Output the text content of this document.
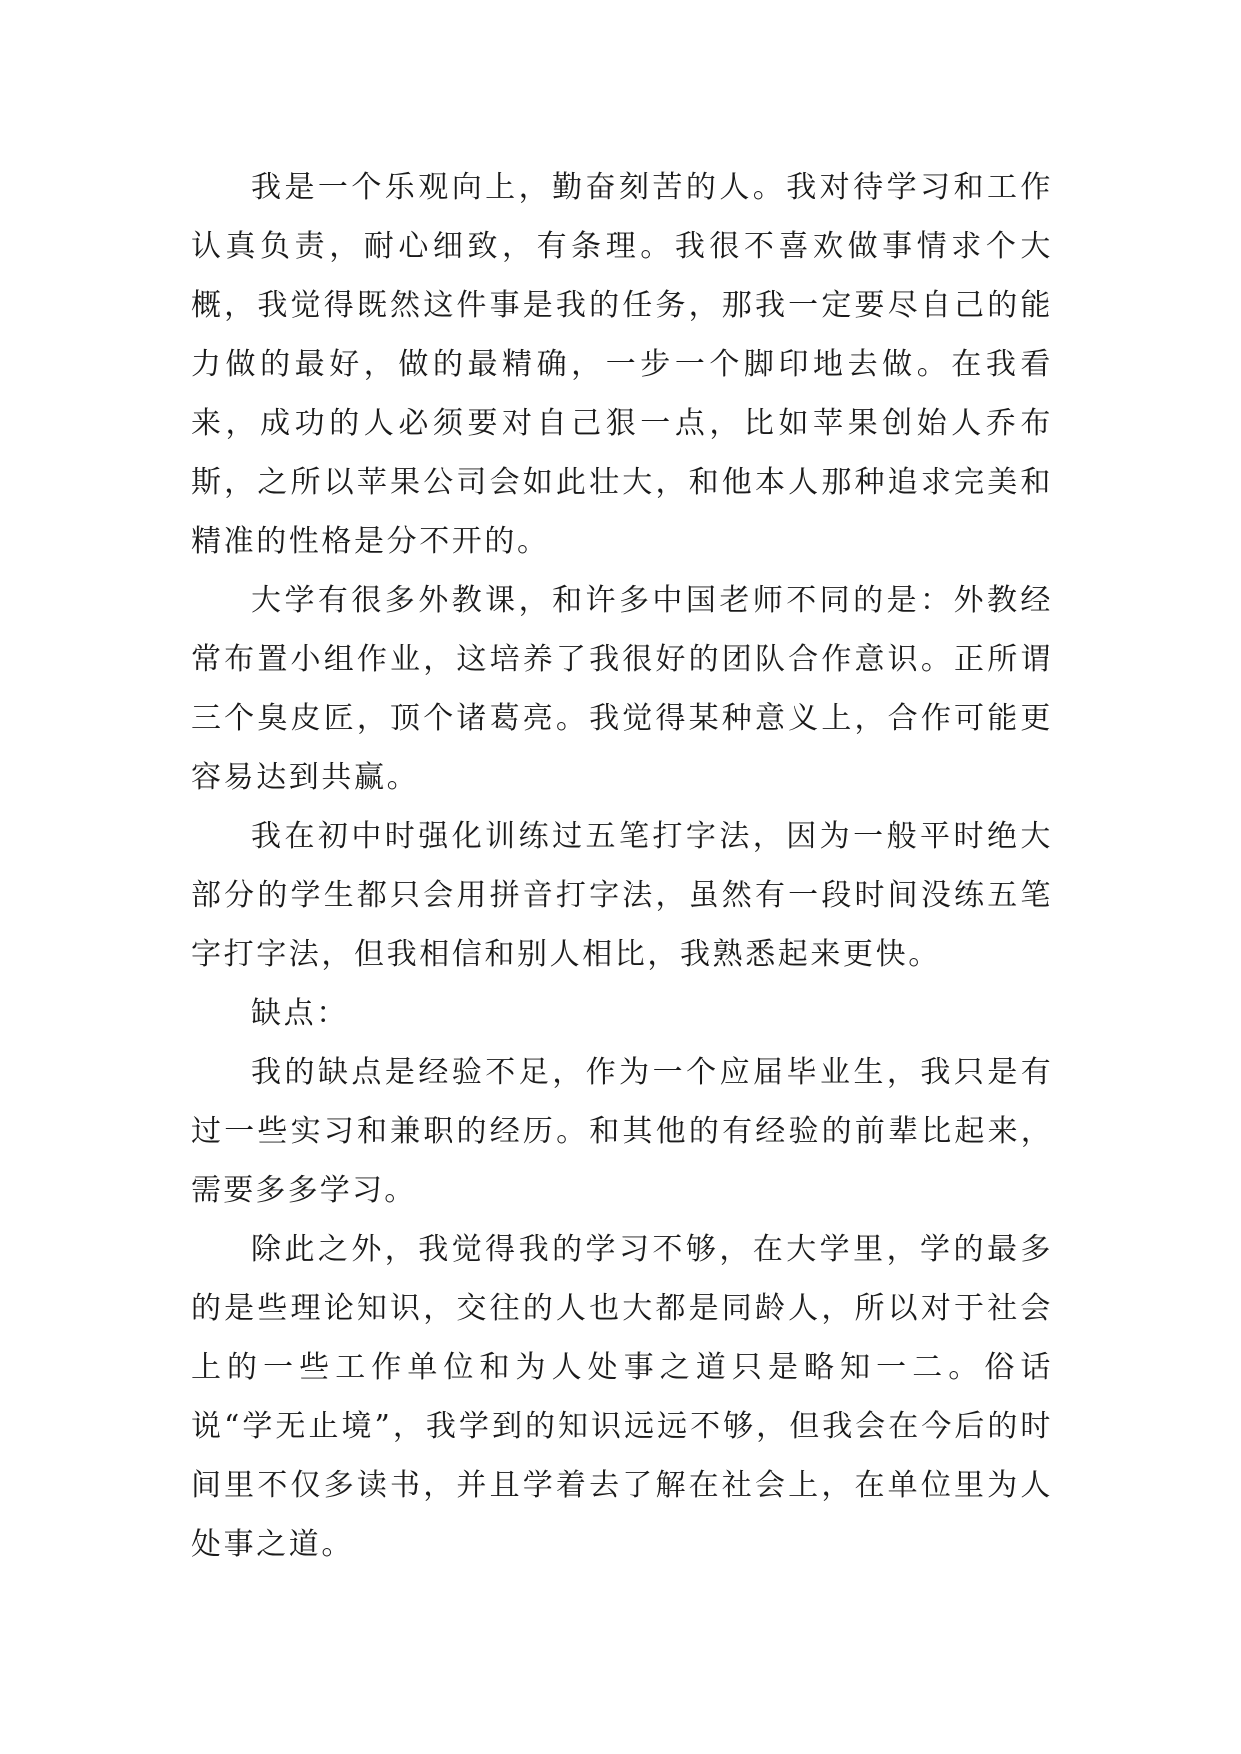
我是一个乐观向上，勤奋刻苦的人。我对待学习和工作认真负责，耐心细致，有条理。我很不喜欢做事情求个大概，我觉得既然这件事是我的任务，那我一定要尽自己的能力做的最好，做的最精确，一步一个脚印地去做。在我看来，成功的人必须要对自己狠一点，比如苹果创始人乔布斯，之所以苹果公司会如此壮大，和他本人那种追求完美和精准的性格是分不开的。

大学有很多外教课，和许多中国老师不同的是：外教经常布置小组作业，这培养了我很好的团队合作意识。正所谓三个臭皮匠，顶个诸葛亮。我觉得某种意义上，合作可能更容易达到共赢。

我在初中时强化训练过五笔打字法，因为一般平时绝大部分的学生都只会用拼音打字法，虽然有一段时间没练五笔字打字法，但我相信和别人相比，我熟悉起来更快。

缺点：

我的缺点是经验不足，作为一个应届毕业生，我只是有过一些实习和兼职的经历。和其他的有经验的前辈比起来，需要多多学习。

除此之外，我觉得我的学习不够，在大学里，学的最多的是些理论知识，交往的人也大都是同龄人，所以对于社会上的一些工作单位和为人处事之道只是略知一二。俗话说“学无止境”，我学到的知识远远不够，但我会在今后的时间里不仅多读书，并且学着去了解在社会上，在单位里为人处事之道。
